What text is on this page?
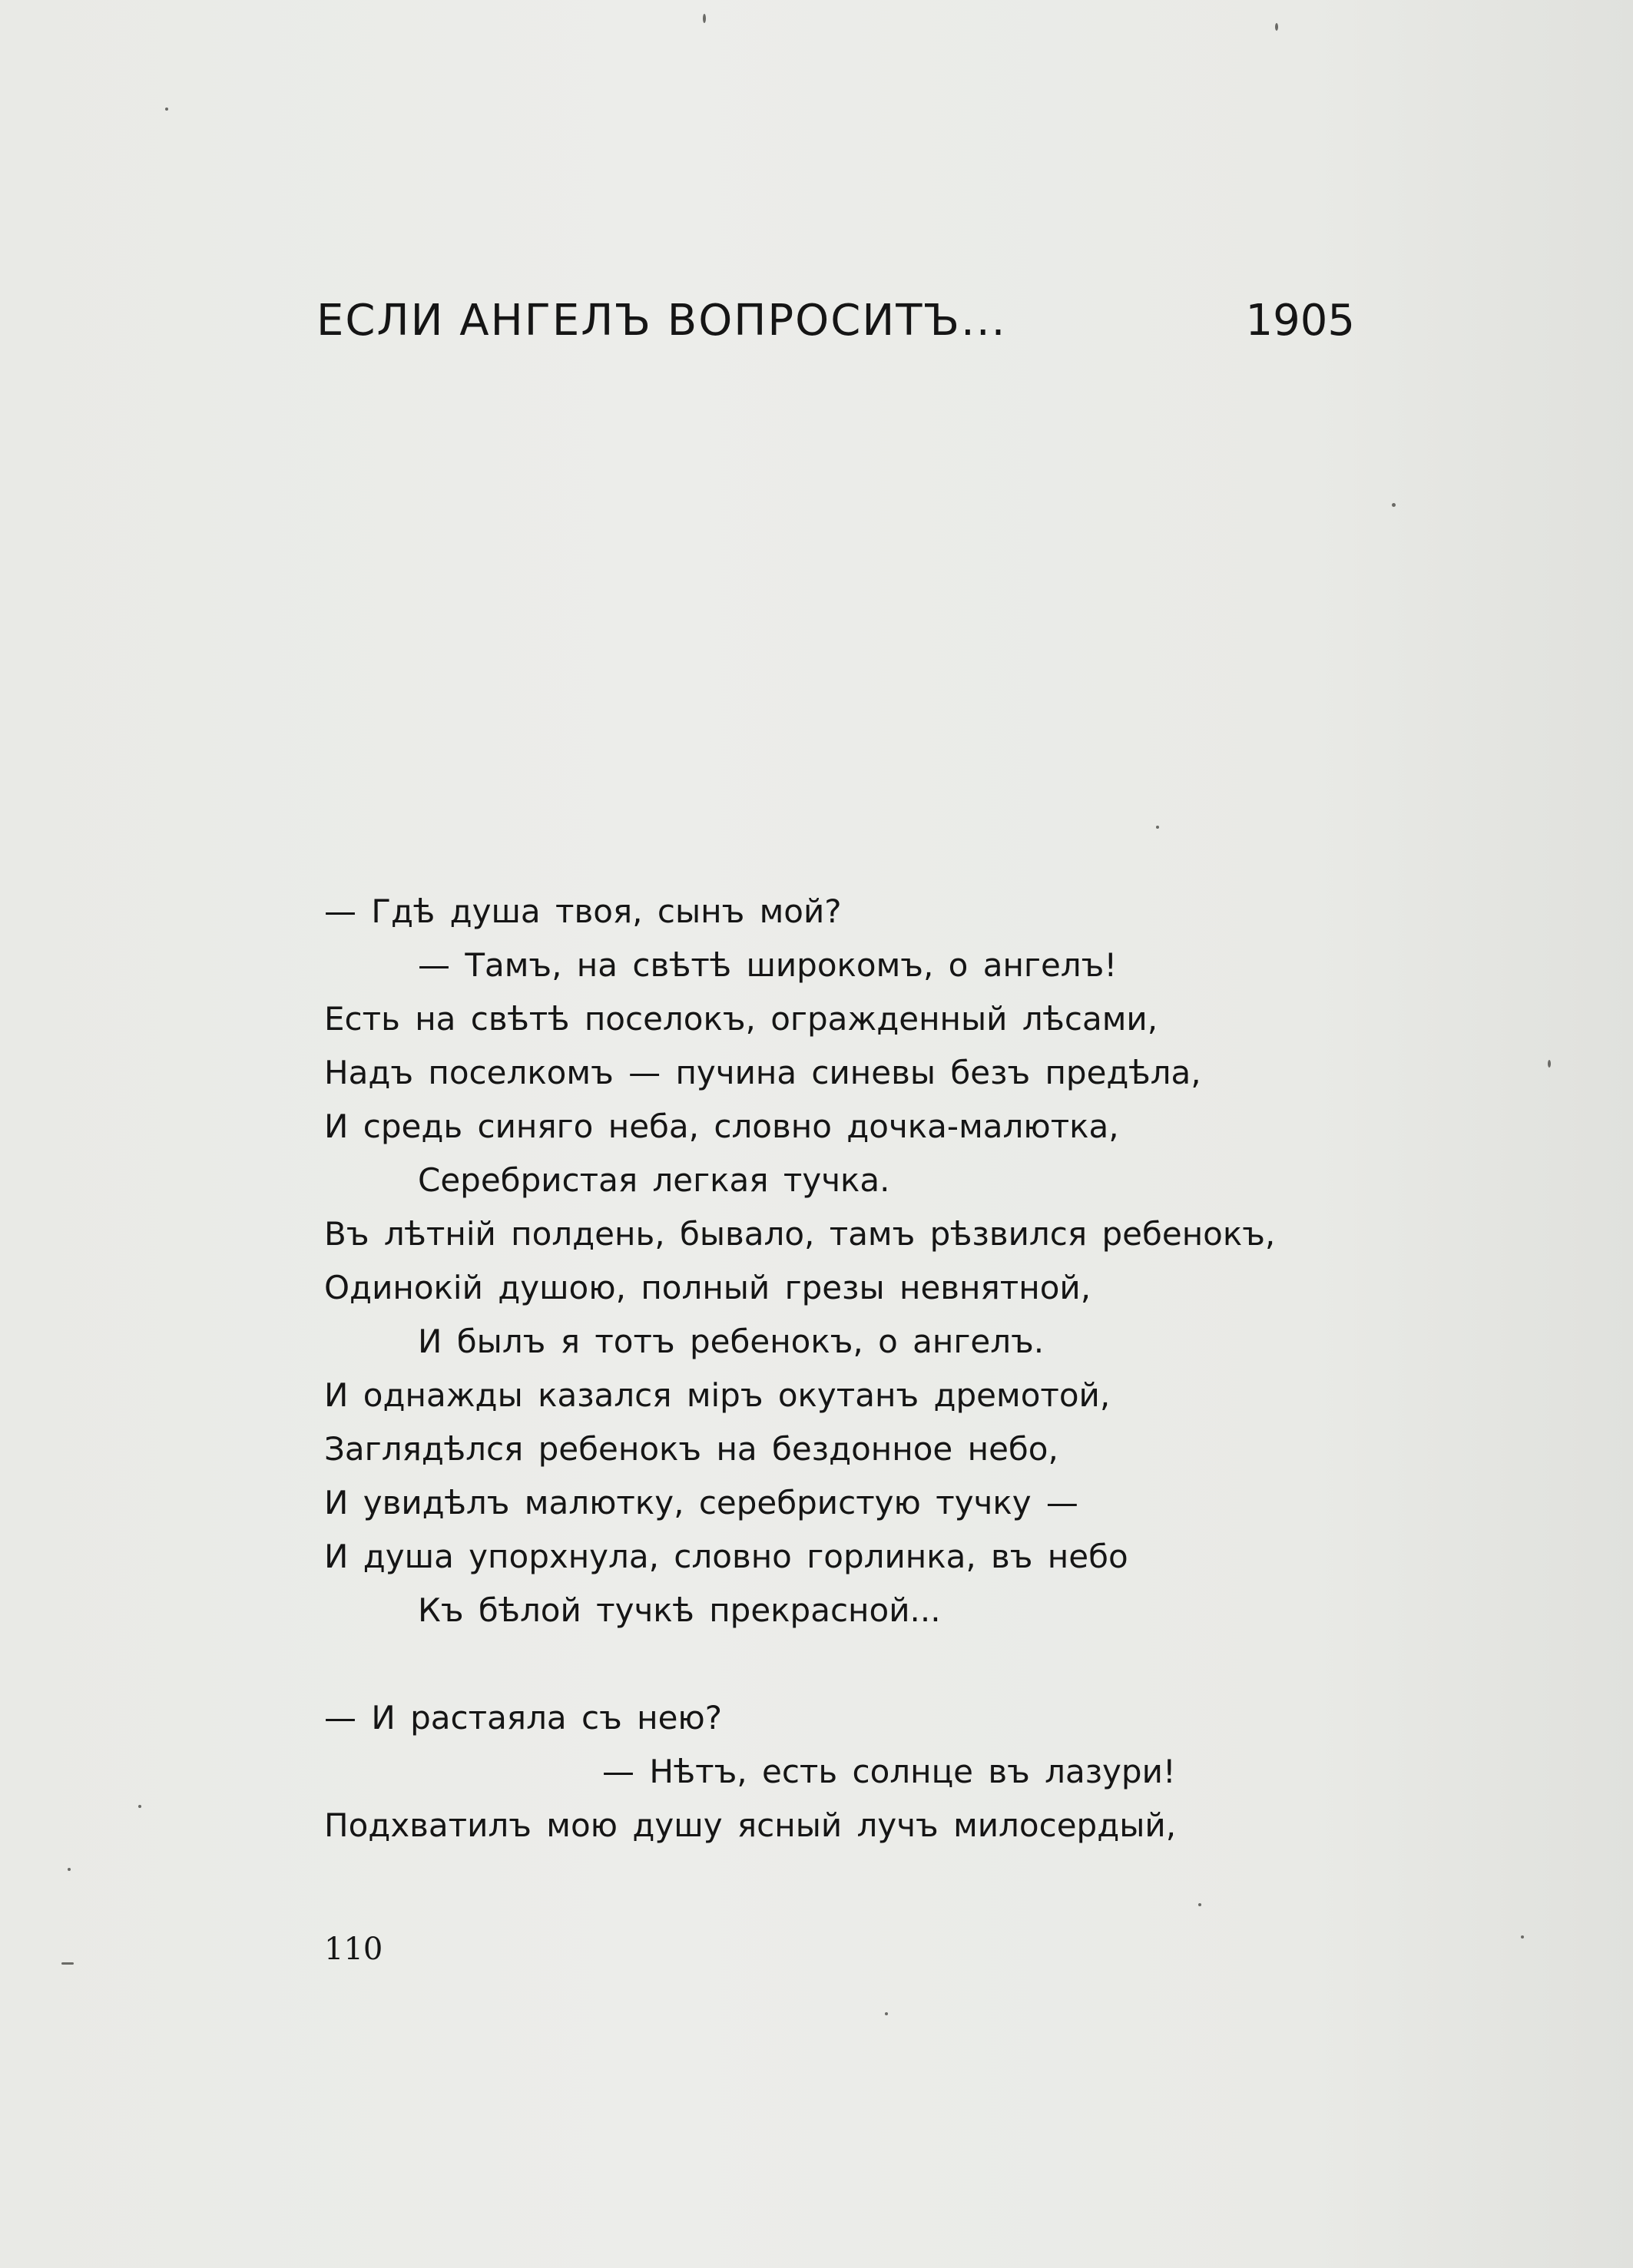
ЕСЛИ АНГЕЛЪ ВОПРОСИТЪ...	1905
— Гдѣ душа твоя, сынъ мой?
— Тамъ, на свѣтѣ широкомъ, о ангелъ!
Есть на свѣтѣ поселокъ, огражденный лѣсами,
Надъ поселкомъ — пучина синевы безъ предѣла,
И средь синяго неба, словно дочка-малютка,
Серебристая легкая тучка.
Въ лѣтній полдень, бывало, тамъ рѣзвился ребенокъ,
Одинокій душою, полный грезы невнятной,
И былъ я тотъ ребенокъ, о ангелъ.
И однажды казался міръ окутанъ дремотой,
Заглядѣлся ребенокъ на бездонное небо,
И увидѣлъ малютку, серебристую тучку —
И душа упорхнула, словно горлинка, въ небо
Къ бѣлой тучкѣ прекрасной...
— И растаяла съ нею?
— Нѣтъ, есть солнце въ лазури!
Подхватилъ мою душу ясный лучъ милосердый,
110
